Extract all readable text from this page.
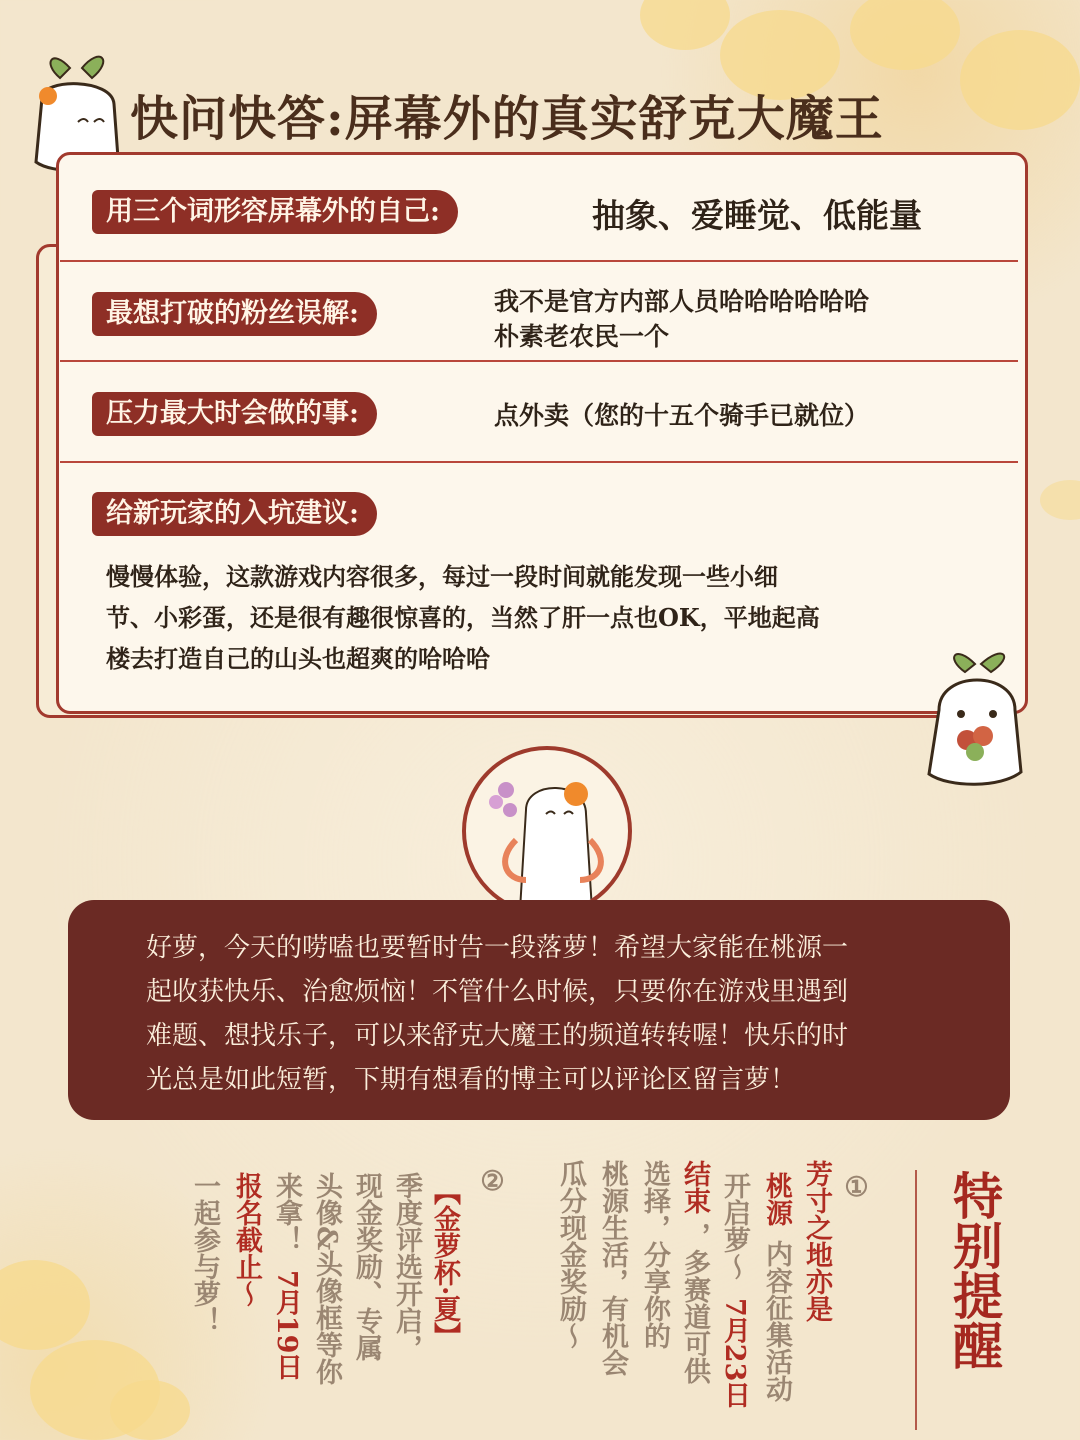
快问快答:屏幕外的真实舒克大魔王
用三个词形容屏幕外的自己:	抽象、爱睡觉、低能量
最想打破的粉丝误解:	我不是官方内部人员哈哈哈哈哈哈
朴素老农民一个
压力最大时会做的事:	点外卖（您的十五个骑手已就位）
给新玩家的入坑建议:
慢慢体验，这款游戏内容很多，每过一段时间就能发现一些小细
节、小彩蛋，还是很有趣很惊喜的，当然了肝一点也OK，平地起高
楼去打造自己的山头也超爽的哈哈哈
好萝，今天的唠嗑也要暂时告一段落萝！希望大家能在桃源一
起收获快乐、治愈烦恼！不管什么时候，只要你在游戏里遇到
难题、想找乐子，可以来舒克大魔王的频道转转喔！快乐的时
光总是如此短暂，下期有想看的博主可以评论区留言萝！
特别提醒
①
芳寸之地亦是
桃源
内容征集活动
开启萝～
7月23日
结束
，多赛道可供
选择，分享你的
桃源生活，有机会
瓜分现金奖励～
②
【金萝杯·夏】
季度评选开启，
现金奖励、专属
头像&头像框等你
来拿！
7月19日
报名截止～
一起参与萝！
